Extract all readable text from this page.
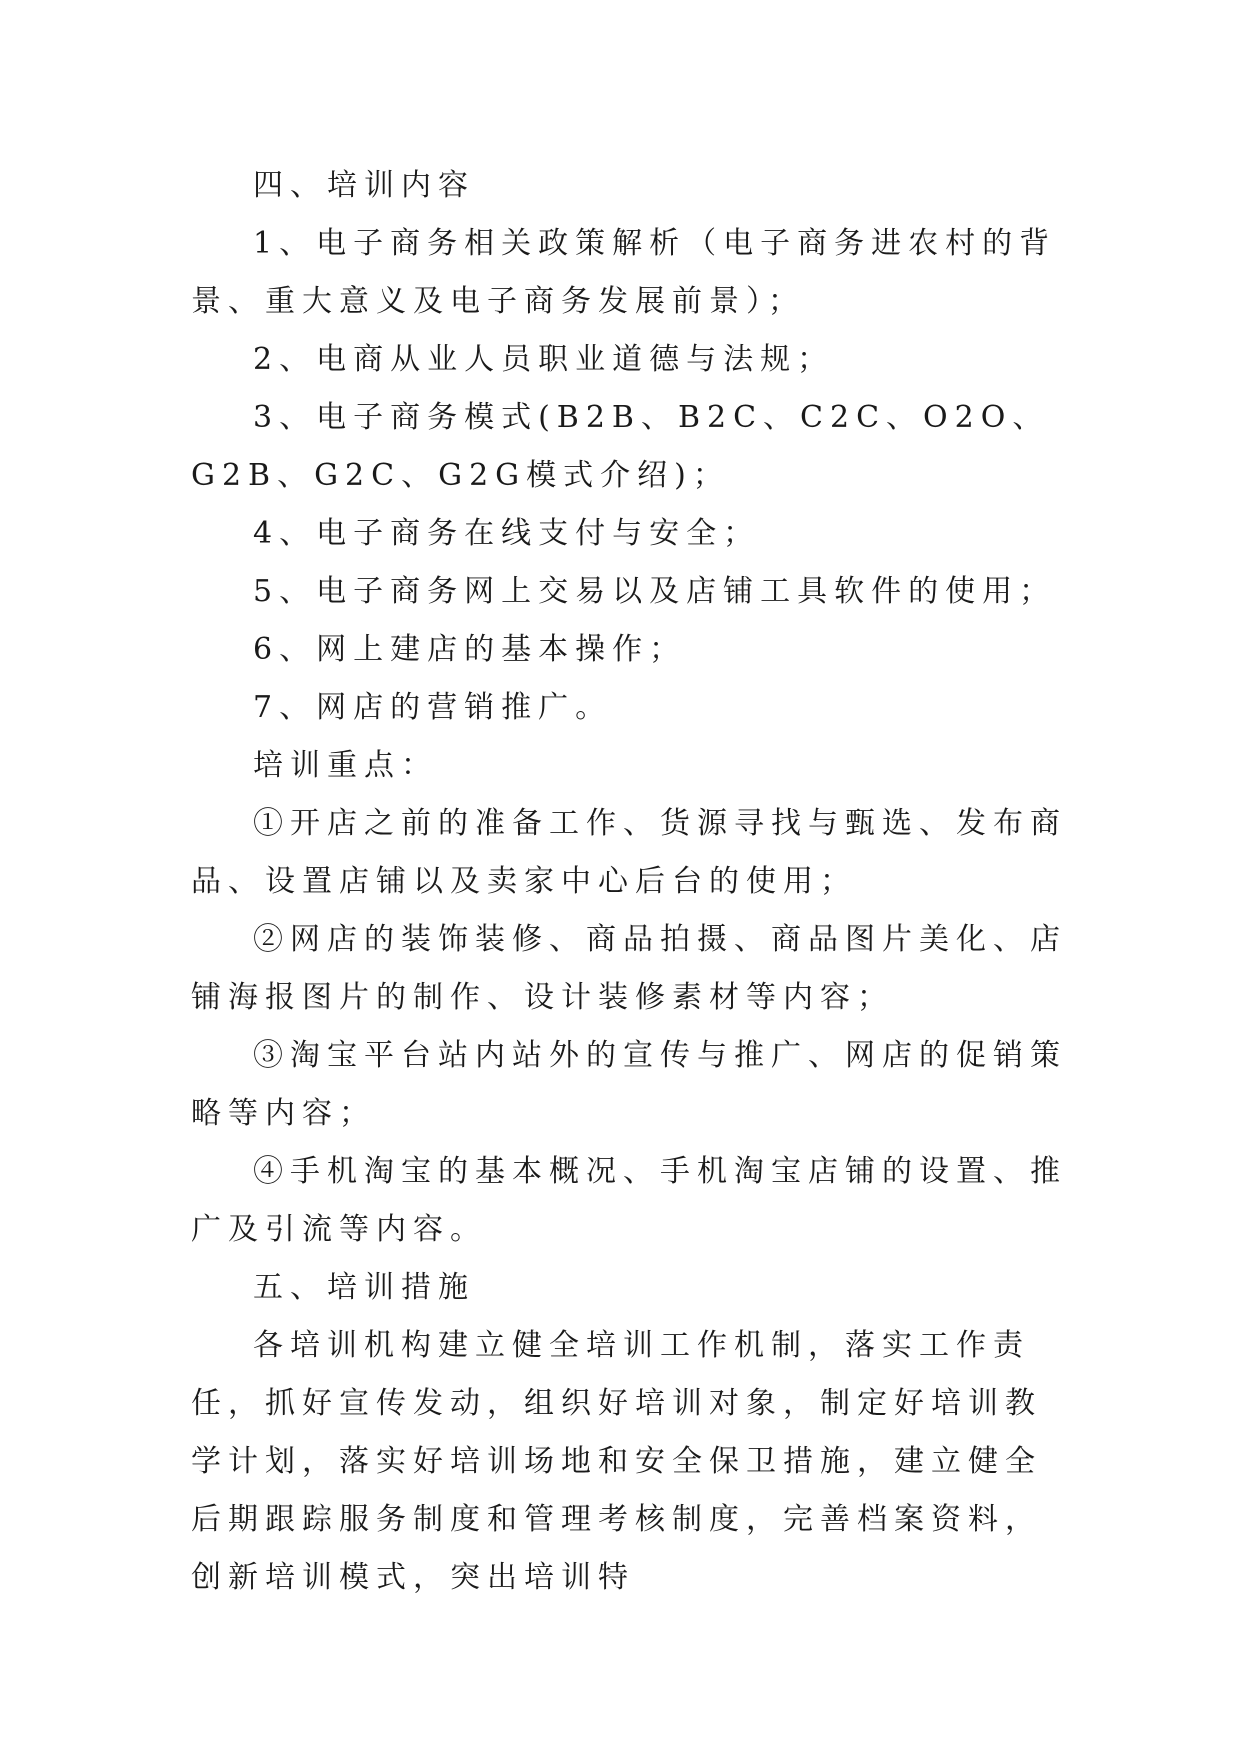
四、培训内容

1、电子商务相关政策解析（电子商务进农村的背景、重大意义及电子商务发展前景）；

2、电商从业人员职业道德与法规；

3、电子商务模式(B2B、B2C、C2C、O2O、G2B、G2C、G2G模式介绍)；

4、电子商务在线支付与安全；

5、电子商务网上交易以及店铺工具软件的使用；

6、网上建店的基本操作；

7、网店的营销推广。

培训重点：

①开店之前的准备工作、货源寻找与甄选、发布商品、设置店铺以及卖家中心后台的使用；

②网店的装饰装修、商品拍摄、商品图片美化、店铺海报图片的制作、设计装修素材等内容；

③淘宝平台站内站外的宣传与推广、网店的促销策略等内容；

④手机淘宝的基本概况、手机淘宝店铺的设置、推广及引流等内容。

五、培训措施

各培训机构建立健全培训工作机制，落实工作责任，抓好宣传发动，组织好培训对象，制定好培训教学计划，落实好培训场地和安全保卫措施，建立健全后期跟踪服务制度和管理考核制度，完善档案资料，创新培训模式，突出培训特
